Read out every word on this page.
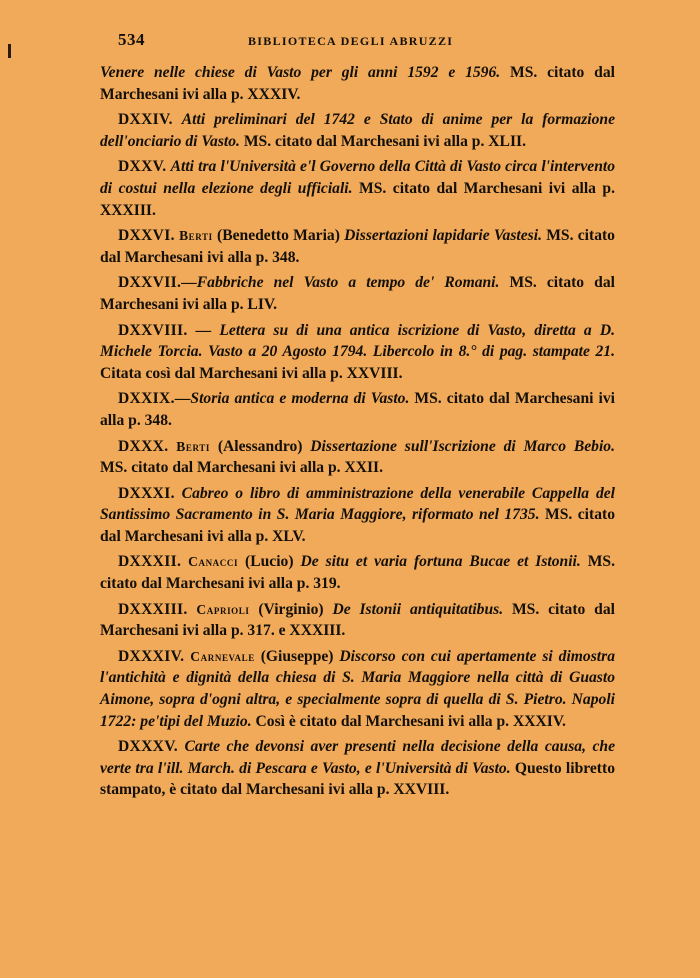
534	BIBLIOTECA DEGLI ABRUZZI

Venere nelle chiese di Vasto per gli anni 1592 e 1596. MS. citato dal Marchesani ivi alla p. XXXIV.

DXXIV. Atti preliminari del 1742 e Stato di anime per la formazione dell'onciario di Vasto. MS. citato dal Marchesani ivi alla p. XLII.

DXXV. Atti tra l'Università e'l Governo della Città di Vasto circa l'intervento di costui nella elezione degli ufficiali. MS. citato dal Marchesani ivi alla p. XXXIII.

DXXVI. Berti (Benedetto Maria) Dissertazioni lapidarie Vastesi. MS. citato dal Marchesani ivi alla p. 348.

DXXVII.—Fabbriche nel Vasto a tempo de' Romani. MS. citato dal Marchesani ivi alla p. LIV.

DXXVIII. — Lettera su di una antica iscrizione di Vasto, diretta a D. Michele Torcia. Vasto a 20 Agosto 1794. Libercolo in 8.° di pag. stampate 21. Citata così dal Marchesani ivi alla p. XXVIII.

DXXIX.—Storia antica e moderna di Vasto. MS. citato dal Marchesani ivi alla p. 348.

DXXX. Berti (Alessandro) Dissertazione sull'Iscrizione di Marco Bebio. MS. citato dal Marchesani ivi alla p. XXII.

DXXXI. Cabreo o libro di amministrazione della venerabile Cappella del Santissimo Sacramento in S. Maria Maggiore, riformato nel 1735. MS. citato dal Marchesani ivi alla p. XLV.

DXXXII. Canacci (Lucio) De situ et varia fortuna Bucae et Istonii. MS. citato dal Marchesani ivi alla p. 319.

DXXXIII. Caprioli (Virginio) De Istonii antiquitatibus. MS. citato dal Marchesani ivi alla p. 317. e XXXIII.

DXXXIV. Carnevale (Giuseppe) Discorso con cui apertamente si dimostra l'antichità e dignità della chiesa di S. Maria Maggiore nella città di Guasto Aimone, sopra d'ogni altra, e specialmente sopra di quella di S. Pietro. Napoli 1722: pe'tipi del Muzio. Così è citato dal Marchesani ivi alla p. XXXIV.

DXXXV. Carte che devonsi aver presenti nella decisione della causa, che verte tra l'ill. March. di Pescara e Vasto, e l'Università di Vasto. Questo libretto stampato, è citato dal Marchesani ivi alla p. XXVIII.
